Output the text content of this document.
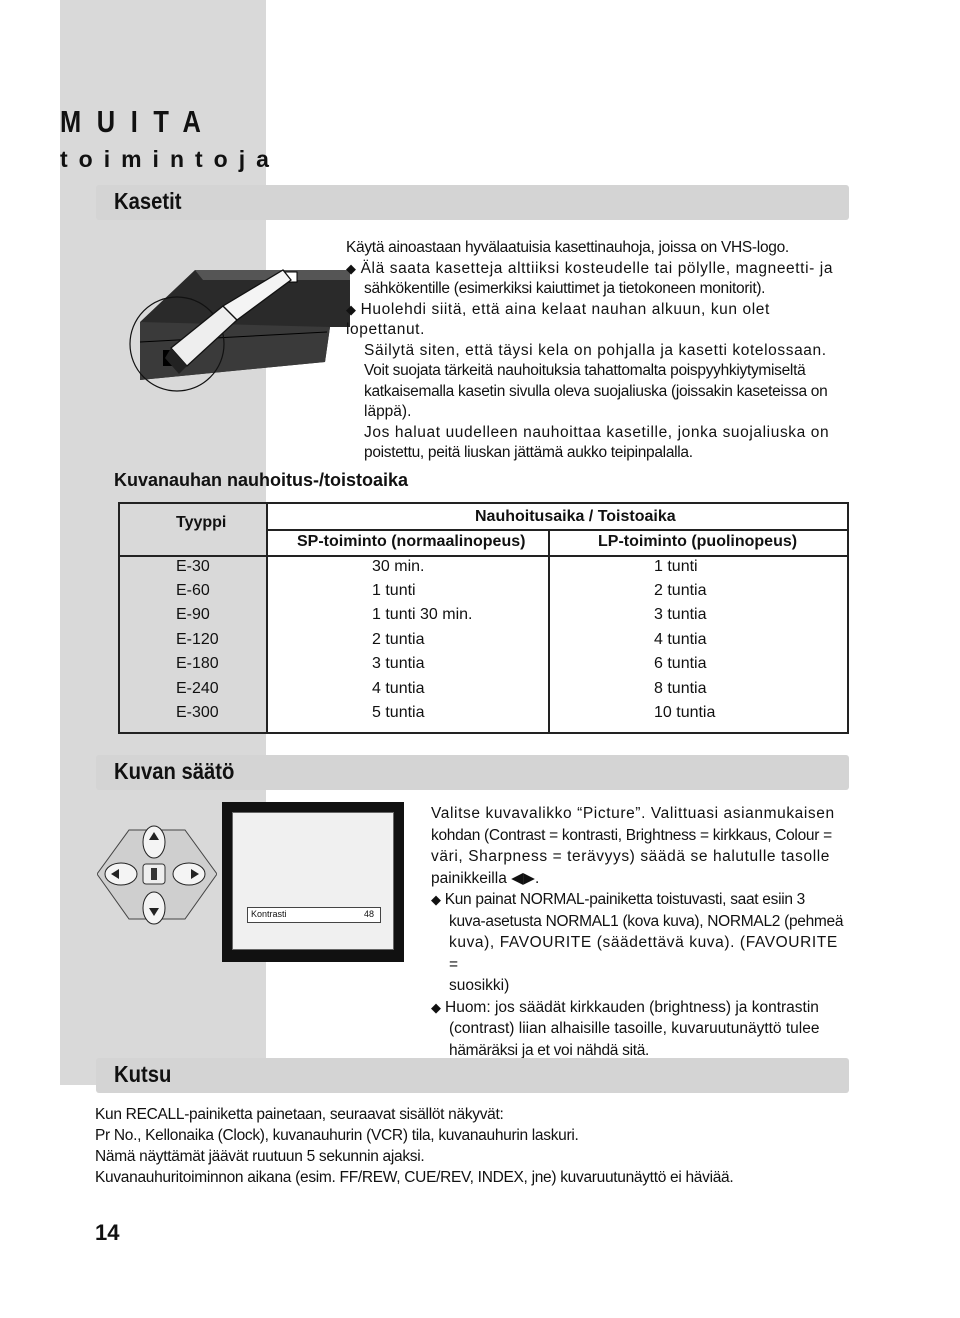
MUITA
toimintoja
Kasetit

Käytä ainoastaan hyvälaatuisia kasettinauhoja, joissa on VHS-logo.

◆ Älä saata kasetteja alttiiksi kosteudelle tai pölylle, magneetti- ja

sähkökentille (esimerkiksi kaiuttimet ja tietokoneen monitorit).

◆ Huolehdi siitä, että aina kelaat nauhan alkuun, kun olet lopettanut.

Säilytä siten, että täysi kela on pohjalla ja kasetti kotelossaan.

Voit suojata tärkeitä nauhoituksia tahattomalta poispyyhkiytymiseltä

katkaisemalla kasetin sivulla oleva suojaliuska (joissakin kaseteissa on

läppä).

Jos haluat uudelleen nauhoittaa kasetille, jonka suojaliuska on

poistettu, peitä liuskan jättämä aukko teipinpalalla.

Kuvanauhan nauhoitus-/toistoaika
Tyyppi	Nauhoitusaika / Toistoaika
SP-toiminto (normaalinopeus)	LP-toiminto (puolinopeus)
E-30	30 min.	1 tunti
E-60	1 tunti	2 tuntia
E-90	1 tunti 30 min.	3 tuntia
E-120	2 tuntia	4 tuntia
E-180	3 tuntia	6 tuntia
E-240	4 tuntia	8 tuntia
E-300	5 tuntia	10 tuntia
Kuvan säätö
Kontrasti	48

Valitse kuvavalikko “Picture”. Valittuasi asianmukaisen

kohdan (Contrast = kontrasti, Brightness = kirkkaus, Colour =

väri, Sharpness = terävyys) säädä se halutulle tasolle

painikkeilla ◀▶.

◆ Kun painat NORMAL-painiketta toistuvasti, saat esiin 3

kuva-asetusta NORMAL1 (kova kuva), NORMAL2 (pehmeä

kuva), FAVOURITE (säädettävä kuva). (FAVOURITE =

suosikki)

◆ Huom: jos säädät kirkkauden (brightness) ja kontrastin

(contrast) liian alhaisille tasoille, kuvaruutunäyttö tulee

hämäräksi ja et voi nähdä sitä.

Kutsu

Kun RECALL-painiketta painetaan, seuraavat sisällöt näkyvät:

Pr No., Kellonaika (Clock), kuvanauhurin (VCR) tila, kuvanauhurin laskuri.

Nämä näyttämät jäävät ruutuun 5 sekunnin ajaksi.

Kuvanauhuritoiminnon aikana (esim. FF/REW, CUE/REV, INDEX, jne) kuvaruutunäyttö ei häviää.

14
